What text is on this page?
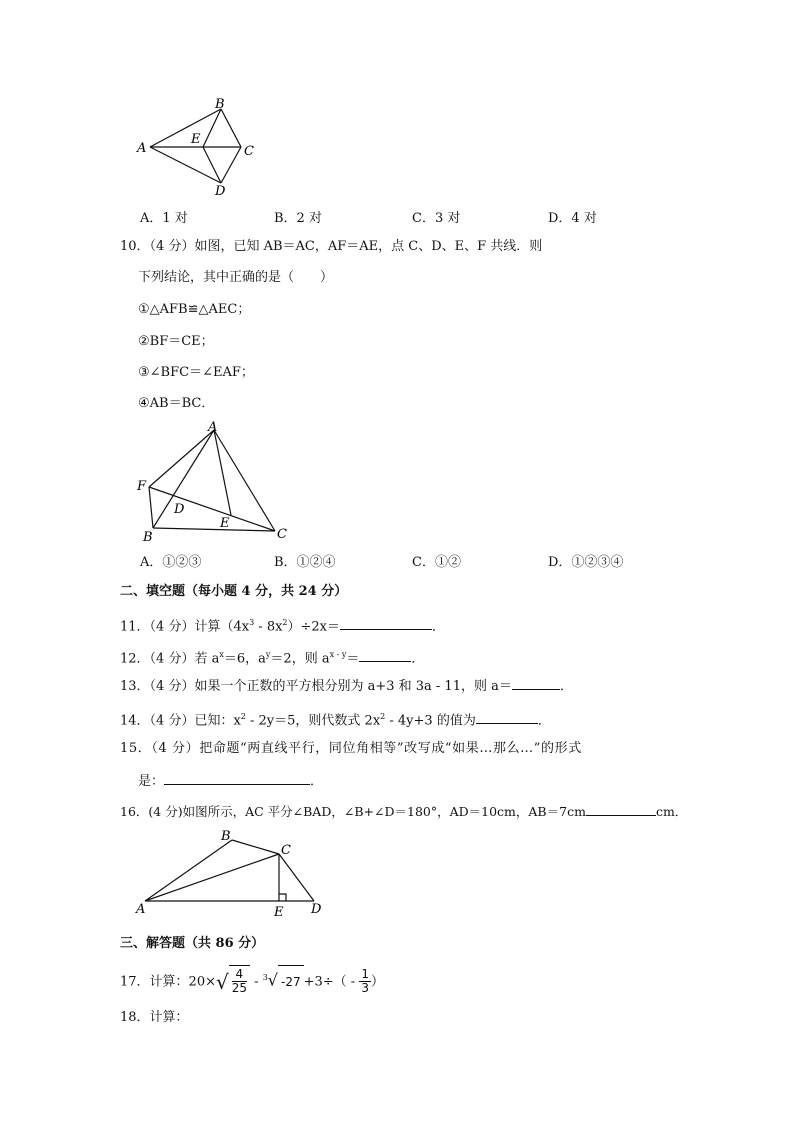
B
A
E
C
D
A．1 对	B．2 对	C．3 对	D．4 对
10．（4 分）如图，已知 AB＝AC，AF＝AE，点 C、D、E、F 共线．则
下列结论，其中正确的是（　　）
①△AFB≌△AEC；
②BF＝CE；
③∠BFC＝∠EAF；
④AB＝BC．
A
F
D
E
B	C
A．①②③	B．①②④	C．①②	D．①②③④
二、填空题（每小题 4 分，共 24 分）
11．（4 分）计算$(4x^3 - 8x^2)\div 2x=$	．
12．（4 分）若 $a^x=6$，$a^y=2$，则 $a^{x - y}=$	．
13．（4 分）如果一个正数的平方根分别为 a+3 和 3a - 11，则 a＝	．
14．（4 分）已知：$x^2 - 2y=5$，则代数式 $2x^2 - 4y+3$ 的值为	．
15．（4 分）把命题“两直线平行，同位角相等”改写成“如果…那么…”的形式
是：	．
16．(4 分)如图所示，AC 平分∠BAD，∠B+∠D＝180°，AD＝10cm，AB＝7cm	cm．
B
C
A	E D
三、解答题（共 86 分）
17．计算：$20\times√ \frac{4}{25} - ^3√$ $-27 +3\div( - \frac{1}{3}$ ）
18．计算：
